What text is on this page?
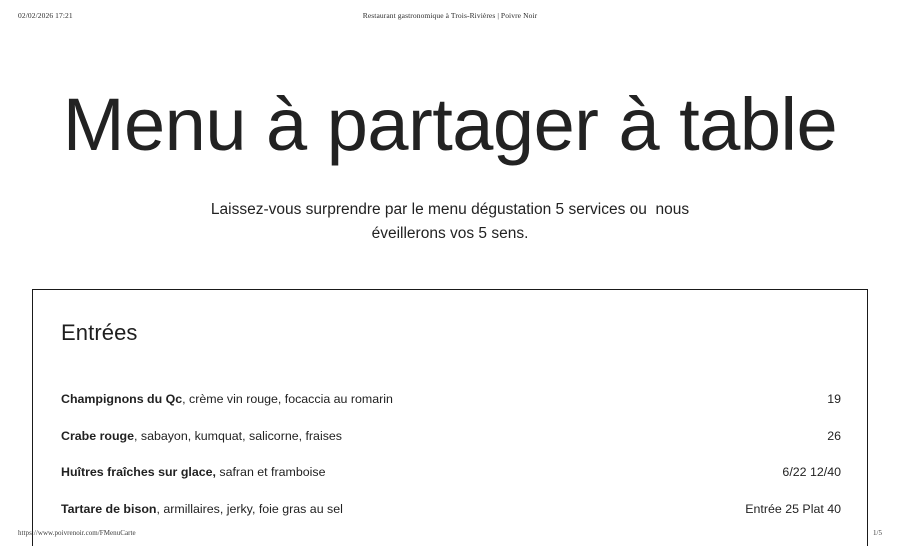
02/02/2026 17:21	Restaurant gastronomique à Trois-Rivières | Poivre Noir
Menu à partager à table
Laissez-vous surprendre par le menu dégustation 5 services ou  nous éveillerons vos 5 sens.
Entrées
Champignons du Qc, crème vin rouge, focaccia au romarin	19
Crabe rouge, sabayon, kumquat, salicorne, fraises	26
Huîtres fraîches sur glace, safran et framboise	6/22 12/40
Tartare de bison, armillaires, jerky, foie gras au sel	Entrée 25 Plat 40
https://www.poivrenoir.com/FMenuCarte	1/5
